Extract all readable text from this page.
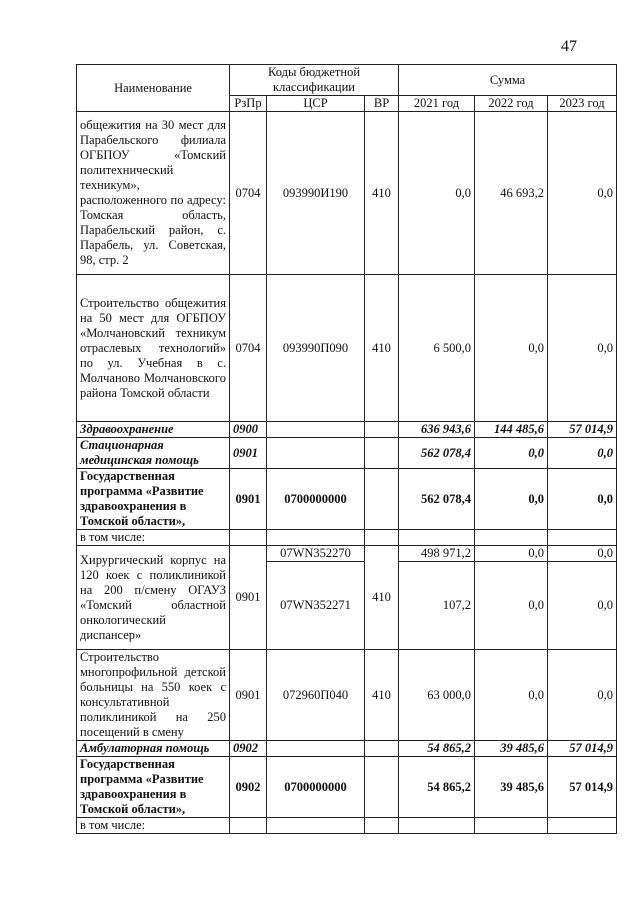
47
Наименование	Коды бюджетной классификации			Сумма		
	РзПр	ЦСР	ВР	2021 год	2022 год	2023 год
общежития на 30 мест для Парабельского филиала ОГБПОУ «Томский политехнический техникум», расположенного по адресу: Томская область, Парабельский район, с. Парабель, ул. Советская, 98, стр. 2	0704	093990И190	410	0,0	46 693,2	0,0
Строительство общежития на 50 мест для ОГБПОУ «Молчановский техникум отраслевых технологий» по ул. Учебная в с. Молчаново Молчановского района Томской области	0704	093990П090	410	6 500,0	0,0	0,0
Здравоохранение	0900			636 943,6	144 485,6	57 014,9
Стационарная медицинская помощь	0901			562 078,4	0,0	0,0
Государственная программа «Развитие здравоохранения в Томской области»,	0901	0700000000		562 078,4	0,0	0,0
в том числе:						
Хирургический корпус на 120 коек с поликлиникой на 200 п/смену ОГАУЗ «Томский областной онкологический диспансер»	0901	07WN352270	410	498 971,2	0,0	0,0
		07WN352271		107,2	0,0	0,0
Строительство многопрофильной детской больницы на 550 коек с консультативной поликлиникой на 250 посещений в смену	0901	072960П040	410	63 000,0	0,0	0,0
Амбулаторная помощь	0902			54 865,2	39 485,6	57 014,9
Государственная программа «Развитие здравоохранения в Томской области»,	0902	0700000000		54 865,2	39 485,6	57 014,9
в том числе:						
